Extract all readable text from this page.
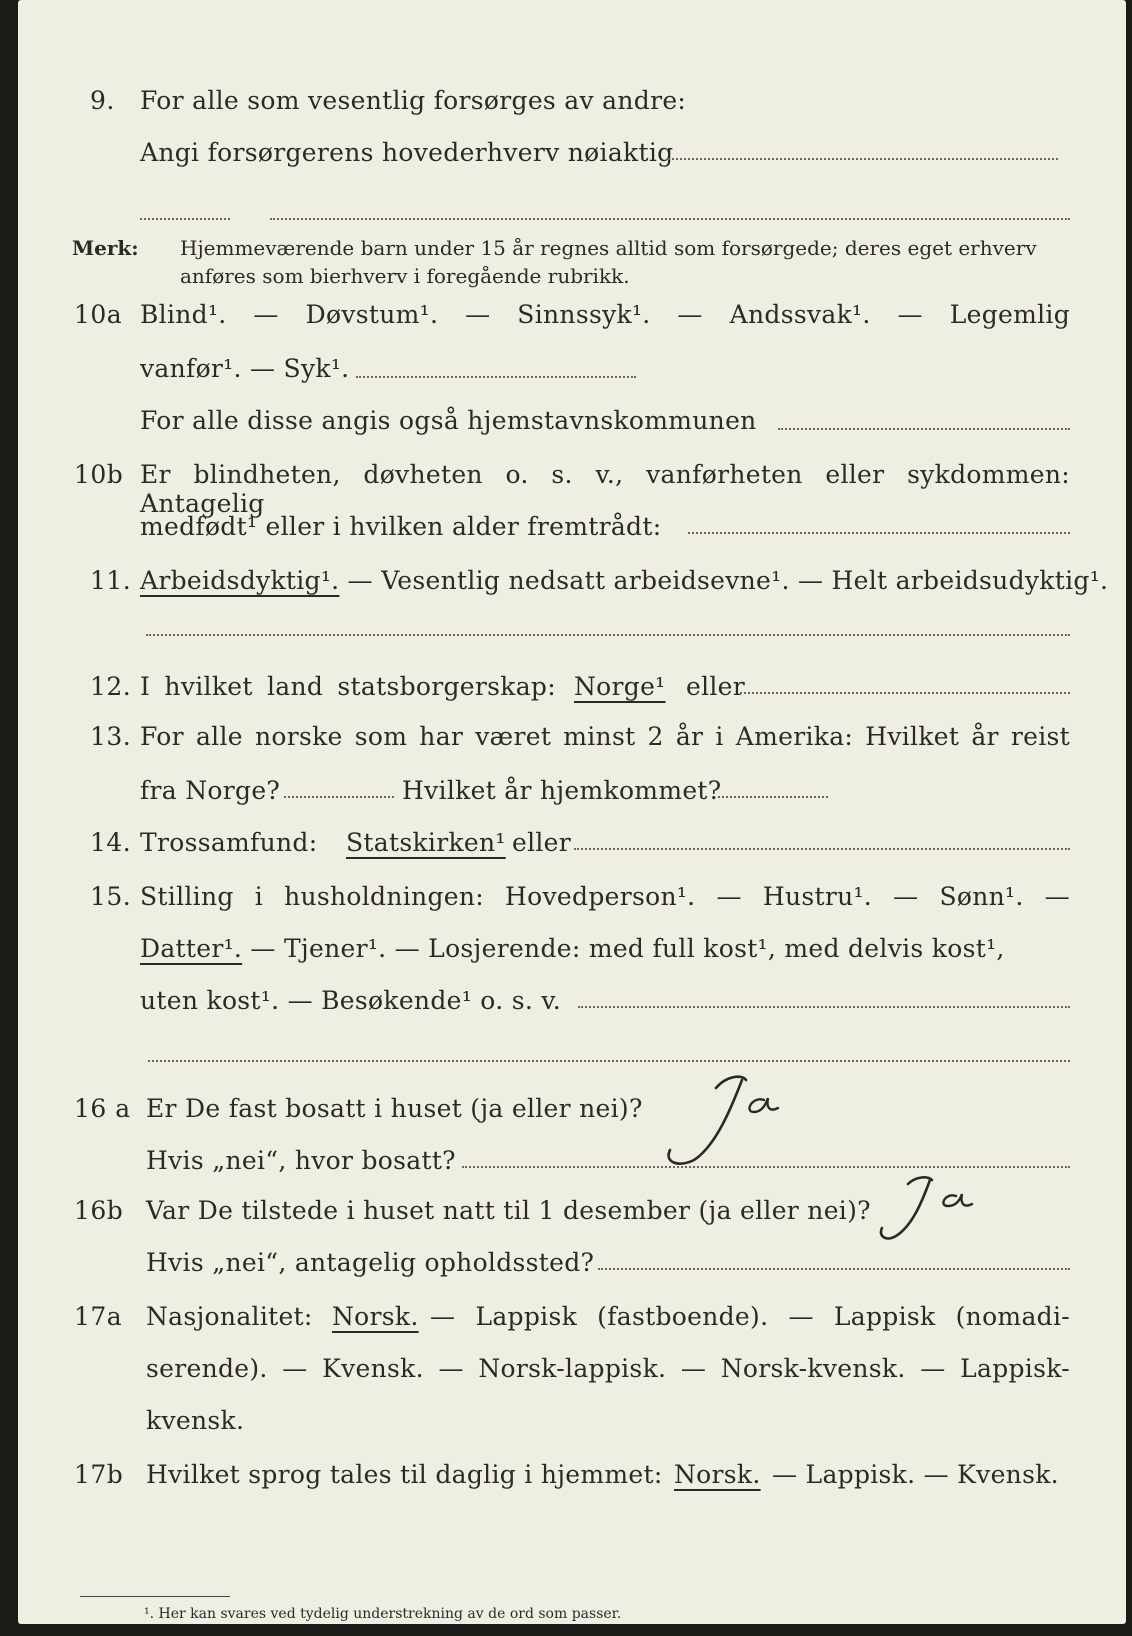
9. For alle som vesentlig forsørges av andre:
Angi forsørgerens hovederhverv nøiaktig
Merk: Hjemmeværende barn under 15 år regnes alltid som forsørgede; deres eget erhverv
anføres som bierhverv i foregående rubrikk.
10a Blind¹. — Døvstum¹. — Sinnssyk¹. — Andssvak¹. — Legemlig
vanfør¹. — Syk¹.
For alle disse angis også hjemstavnskommunen
10b Er blindheten, døvheten o. s. v., vanførheten eller sykdommen: Antagelig
medfødt¹ eller i hvilken alder fremtrådt:
11. Arbeidsdyktig¹. — Vesentlig nedsatt arbeidsevne¹. — Helt arbeidsudyktig¹.
12. I hvilket land statsborgerskap: Norge¹ eller
13. For alle norske som har været minst 2 år i Amerika: Hvilket år reist
fra Norge?	Hvilket år hjemkommet?
14. Trossamfund: Statskirken¹ eller
15. Stilling i husholdningen: Hovedperson¹. — Hustru¹. — Sønn¹. —
Datter¹. — Tjener¹. — Losjerende: med full kost¹, med delvis kost¹,
uten kost¹. — Besøkende¹ o. s. v.
16 a Er De fast bosatt i huset (ja eller nei)?
Hvis „nei“, hvor bosatt?
16b Var De tilstede i huset natt til 1 desember (ja eller nei)?
Hvis „nei“, antagelig opholdssted?
17a Nasjonalitet: Norsk. — Lappisk (fastboende). — Lappisk (nomadi-
serende). — Kvensk. — Norsk-lappisk. — Norsk-kvensk. — Lappisk-
kvensk.
17b Hvilket sprog tales til daglig i hjemmet: Norsk. — Lappisk. — Kvensk.
¹. Her kan svares ved tydelig understrekning av de ord som passer.
